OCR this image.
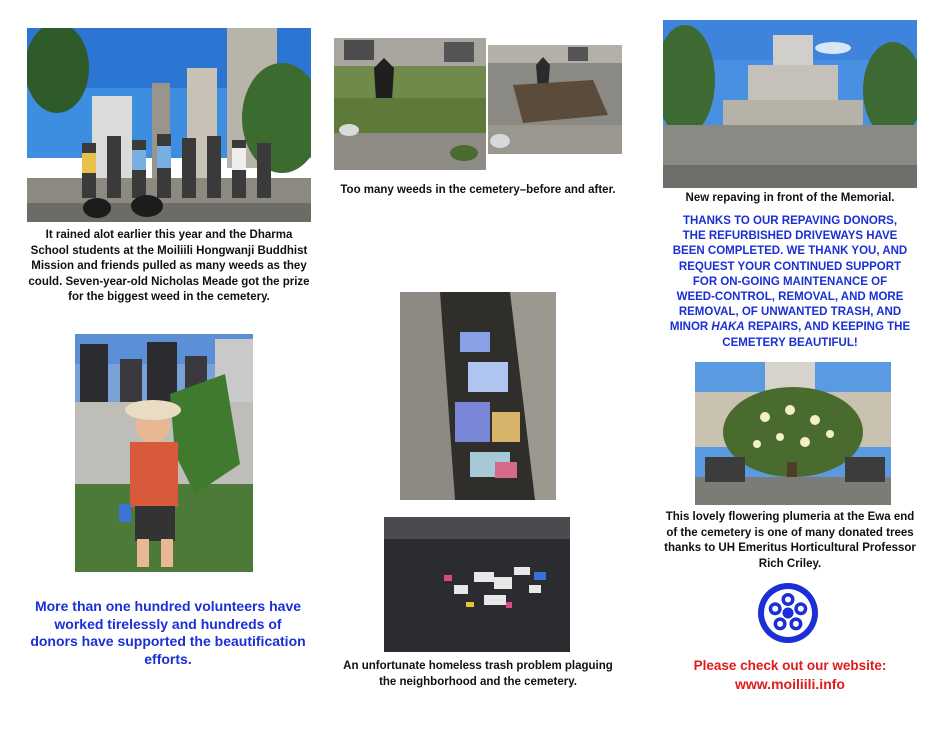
It rained alot earlier this year and the Dharma School students at the Moiliili Hongwanji Buddhist Mission and friends pulled as many weeds as they could. Seven-year-old Nicholas Meade got the prize for the biggest weed in the cemetery.
More than one hundred volunteers have worked tirelessly and hundreds of donors have supported the beautification efforts.
Too many weeds in the cemetery–before and after.
An unfortunate homeless trash problem plaguing the neighborhood and the cemetery.
New repaving in front of the Memorial.
THANKS TO OUR REPAVING DONORS,
THE REFURBISHED DRIVEWAYS HAVE
BEEN COMPLETED. WE THANK YOU, AND
REQUEST YOUR CONTINUED SUPPORT
FOR ON-GOING MAINTENANCE OF
WEED-CONTROL, REMOVAL, AND MORE
REMOVAL, OF UNWANTED TRASH, AND
MINOR HAKA REPAIRS, AND KEEPING THE
CEMETERY BEAUTIFUL!
This lovely flowering plumeria at the Ewa end of the cemetery is one of many donated trees thanks to UH Emeritus Horticultural Professor Rich Criley.
Please check out our website:
www.moiliili.info
